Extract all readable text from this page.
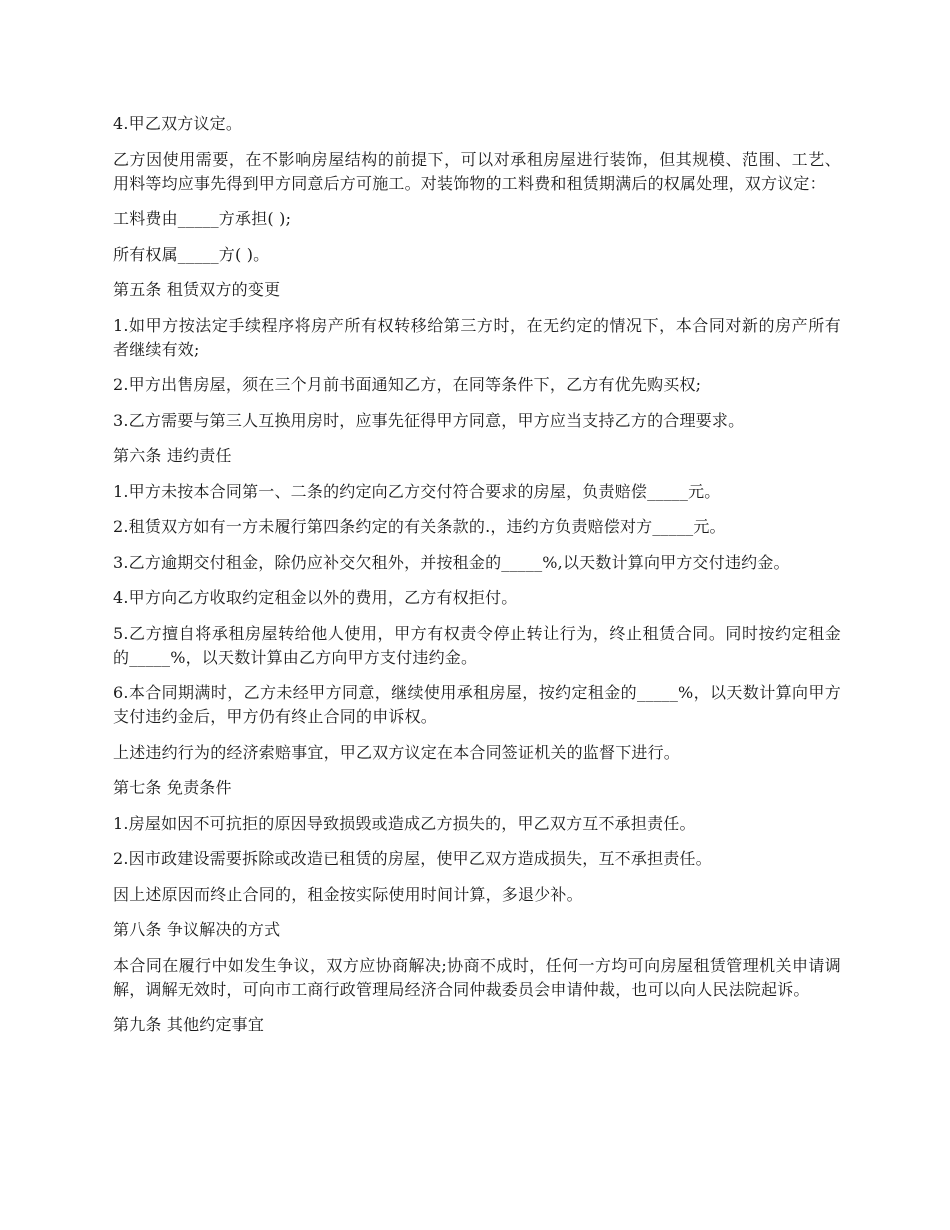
4.甲乙双方议定。

乙方因使用需要，在不影响房屋结构的前提下，可以对承租房屋进行装饰，但其规模、范围、工艺、用料等均应事先得到甲方同意后方可施工。对装饰物的工料费和租赁期满后的权属处理，双方议定：

工料费由_____方承担( );

所有权属_____方( )。

第五条 租赁双方的变更

1.如甲方按法定手续程序将房产所有权转移给第三方时，在无约定的情况下，本合同对新的房产所有者继续有效;

2.甲方出售房屋，须在三个月前书面通知乙方，在同等条件下，乙方有优先购买权;

3.乙方需要与第三人互换用房时，应事先征得甲方同意，甲方应当支持乙方的合理要求。

第六条 违约责任

1.甲方未按本合同第一、二条的约定向乙方交付符合要求的房屋，负责赔偿_____元。

2.租赁双方如有一方未履行第四条约定的有关条款的.，违约方负责赔偿对方_____元。

3.乙方逾期交付租金，除仍应补交欠租外，并按租金的_____%,以天数计算向甲方交付违约金。

4.甲方向乙方收取约定租金以外的费用，乙方有权拒付。

5.乙方擅自将承租房屋转给他人使用，甲方有权责令停止转让行为，终止租赁合同。同时按约定租金的_____%，以天数计算由乙方向甲方支付违约金。

6.本合同期满时，乙方未经甲方同意，继续使用承租房屋，按约定租金的_____%，以天数计算向甲方支付违约金后，甲方仍有终止合同的申诉权。

上述违约行为的经济索赔事宜，甲乙双方议定在本合同签证机关的监督下进行。

第七条 免责条件

1.房屋如因不可抗拒的原因导致损毁或造成乙方损失的，甲乙双方互不承担责任。

2.因市政建设需要拆除或改造已租赁的房屋，使甲乙双方造成损失，互不承担责任。

因上述原因而终止合同的，租金按实际使用时间计算，多退少补。

第八条 争议解决的方式

本合同在履行中如发生争议，双方应协商解决;协商不成时，任何一方均可向房屋租赁管理机关申请调解，调解无效时，可向市工商行政管理局经济合同仲裁委员会申请仲裁，也可以向人民法院起诉。

第九条 其他约定事宜
